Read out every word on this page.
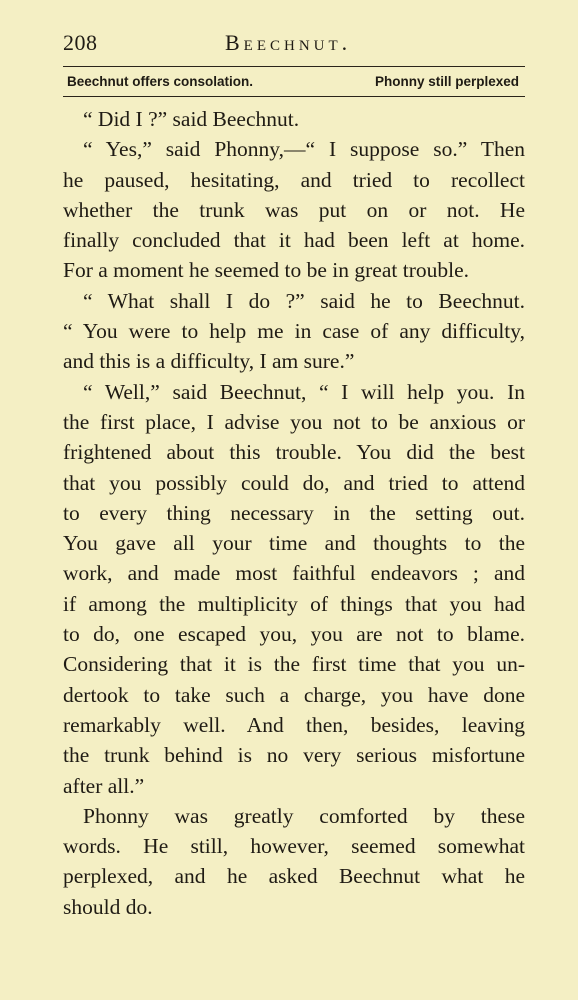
208	Beechnut.
Beechnut offers consolation.	Phonny still perplexed
“ Did I ?” said Beechnut.
“ Yes,” said Phonny,—“ I suppose so.” Then
he paused, hesitating, and tried to recollect
whether the trunk was put on or not. He
finally concluded that it had been left at home.
For a moment he seemed to be in great trouble.
“ What shall I do ?” said he to Beechnut.
“ You were to help me in case of any difficulty,
and this is a difficulty, I am sure.”
“ Well,” said Beechnut, “ I will help you. In
the first place, I advise you not to be anxious or
frightened about this trouble. You did the best
that you possibly could do, and tried to attend
to every thing necessary in the setting out.
You gave all your time and thoughts to the
work, and made most faithful endeavors ; and
if among the multiplicity of things that you had
to do, one escaped you, you are not to blame.
Considering that it is the first time that you un-
dertook to take such a charge, you have done
remarkably well. And then, besides, leaving
the trunk behind is no very serious misfortune
after all.”
Phonny was greatly comforted by these
words. He still, however, seemed somewhat
perplexed, and he asked Beechnut what he
should do.
